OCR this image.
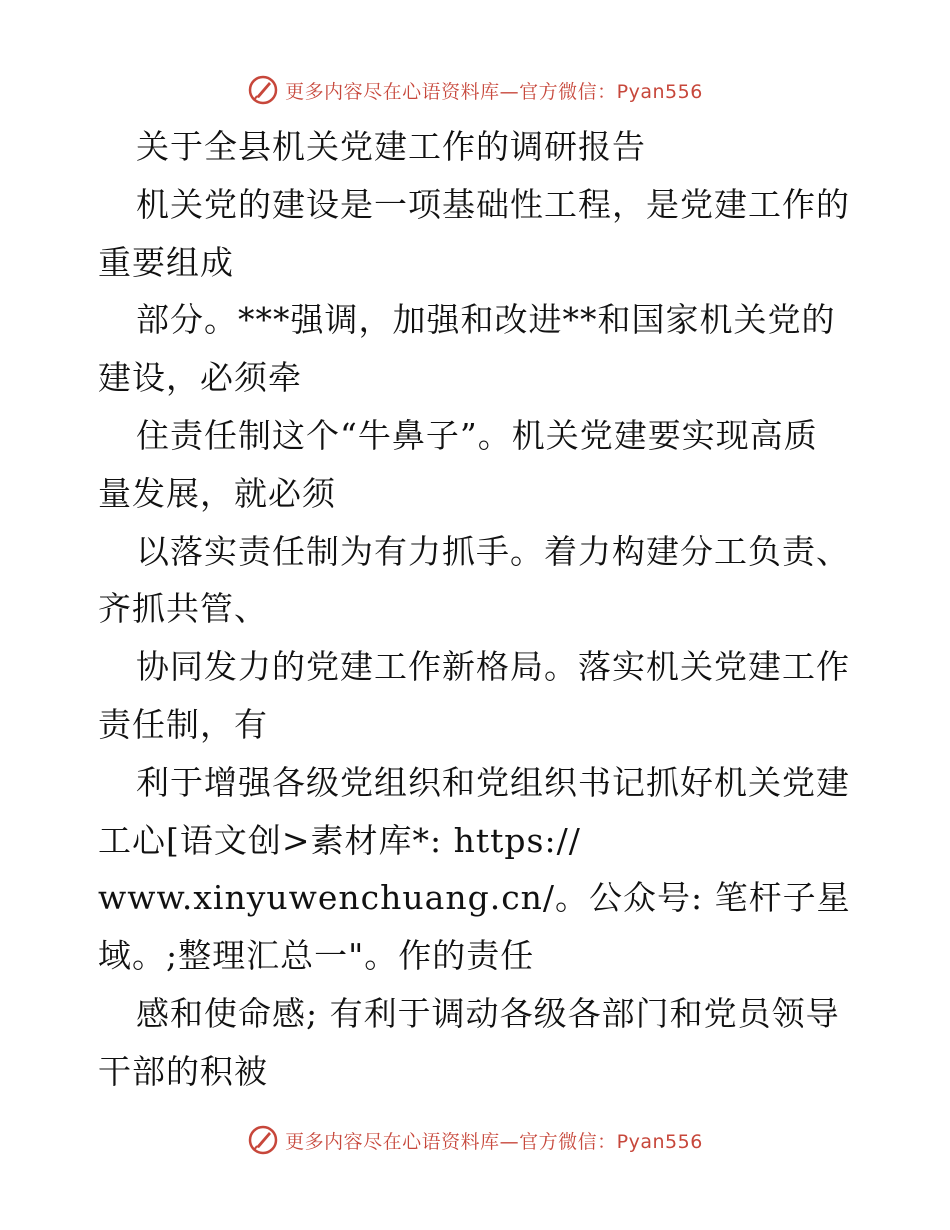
更多内容尽在心语资料库—官方微信：Pyan556
关于全县机关党建工作的调研报告
机关党的建设是一项基础性工程，是党建工作的
重要组成
部分。***强调，加强和改进**和国家机关党的
建设，必须牵
住责任制这个“牛鼻子”。机关党建要实现高质
量发展，就必须
以落实责任制为有力抓手。着力构建分工负责、
齐抓共管、
协同发力的党建工作新格局。落实机关党建工作
责任制，有
利于增强各级党组织和党组织书记抓好机关党建
工心[语文创>素材库*: https://
www.xinyuwenchuang.cn/。公众号: 笔杆子星
域。;整理汇总一"。作的责任
感和使命感; 有利于调动各级各部门和党员领导
干部的积被
更多内容尽在心语资料库—官方微信：Pyan556
